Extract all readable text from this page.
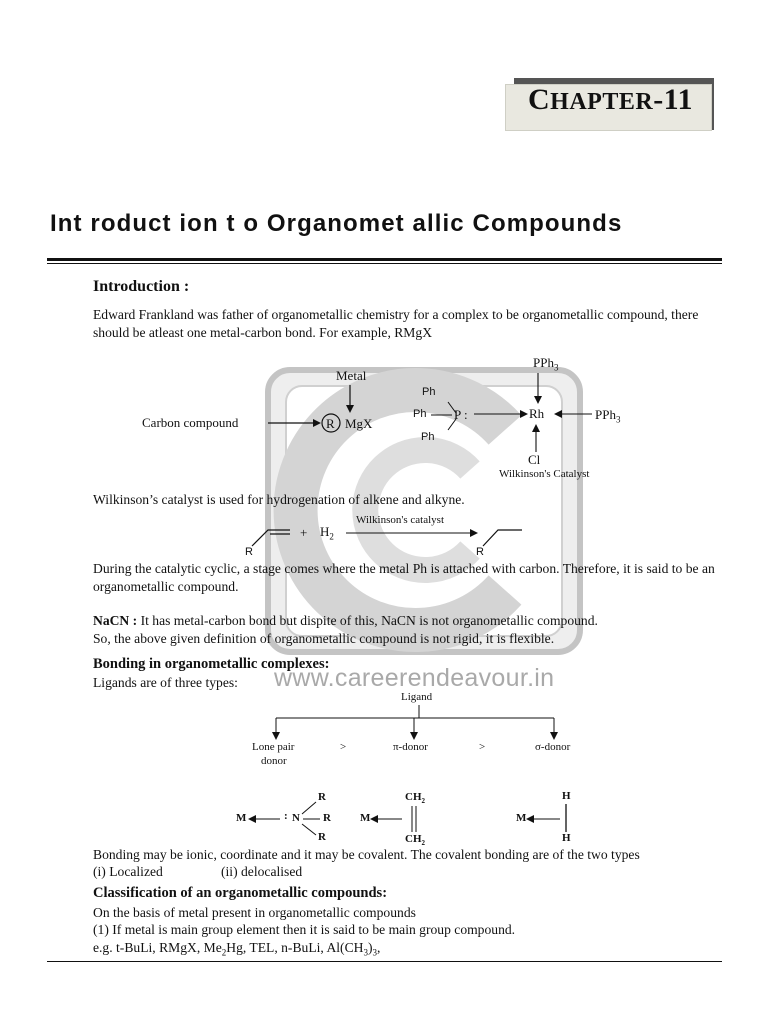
CHAPTER-11
Int roduct ion t o Organomet allic Compounds
www.careerendeavour.in
Introduction :
Edward Frankland was father of organometallic chemistry for a complex to be organometallic compound, there should be atleast one metal-carbon bond. For example, RMgX
Metal
Carbon compound	R MgX
Ph
Ph
Ph
P :	Rh
PPh$_3$
PPh$_3$
Cl
Wilkinson's Catalyst
Wilkinson’s catalyst is used for hydrogenation of alkene and alkyne.
R
+ $H_2$
Wilkinson's catalyst
R
During the catalytic cyclic, a stage comes where the metal Ph is attached with carbon. Therefore, it is said to be an organometallic compound.
NaCN : It has metal-carbon bond but dispite of this, NaCN is not organometallic compound.
So, the above given definition of organometallic compound is not rigid, it is flexible.
Bonding in organometallic complexes:
Ligands are of three types:
Ligand
Lone pair
donor
>	π-donor	>	σ-donor
M	: N
R
R
R
M
$CH_2$
$CH_2$
M
H
H
Bonding may be ionic, coordinate and it may be covalent. The covalent bonding are of the two types
(i) Localized	(ii) delocalised
Classification of an organometallic compounds:
On the basis of metal present in organometallic compounds
(1) If metal is main group element then it is said to be main group compound.
e.g. t-BuLi, RMgX, $Me_2Hg$, TEL, n-BuLi, $Al(CH_3)_3$,
